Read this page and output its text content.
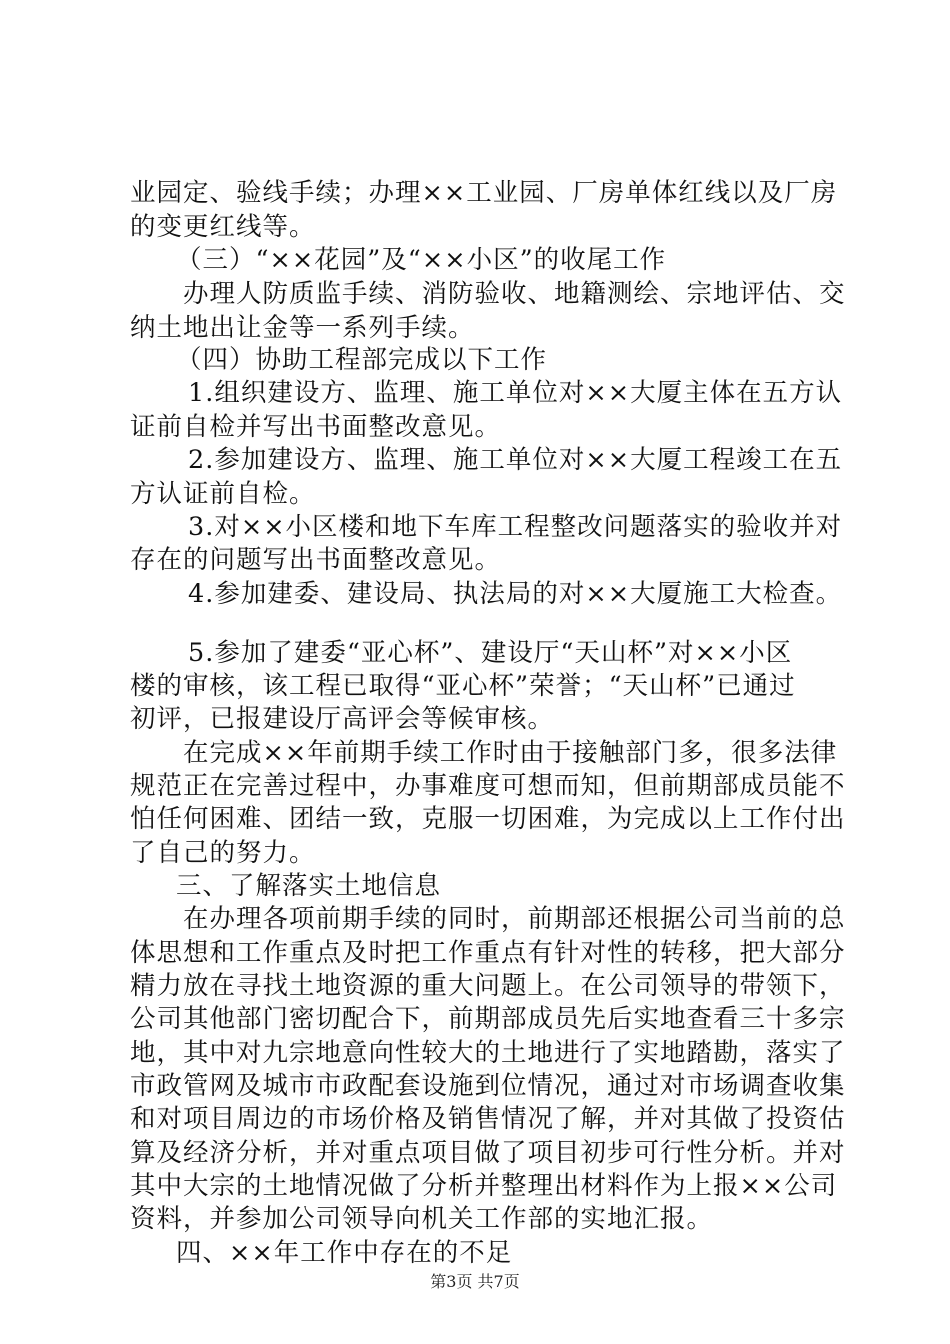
业园定、验线手续；办理××工业园、厂房单体红线以及厂房
的变更红线等。
（三）“××花园”及“××小区”的收尾工作
办理人防质监手续、消防验收、地籍测绘、宗地评估、交
纳土地出让金等一系列手续。
（四）协助工程部完成以下工作
1.组织建设方、监理、施工单位对××大厦主体在五方认
证前自检并写出书面整改意见。
2.参加建设方、监理、施工单位对××大厦工程竣工在五
方认证前自检。
3.对××小区楼和地下车库工程整改问题落实的验收并对
存在的问题写出书面整改意见。
4.参加建委、建设局、执法局的对××大厦施工大检查。
5.参加了建委“亚心杯”、建设厅“天山杯”对××小区
楼的审核，该工程已取得“亚心杯”荣誉；“天山杯”已通过
初评，已报建设厅高评会等候审核。
在完成××年前期手续工作时由于接触部门多，很多法律
规范正在完善过程中，办事难度可想而知，但前期部成员能不
怕任何困难、团结一致，克服一切困难，为完成以上工作付出
了自己的努力。
三、了解落实土地信息
在办理各项前期手续的同时，前期部还根据公司当前的总
体思想和工作重点及时把工作重点有针对性的转移，把大部分
精力放在寻找土地资源的重大问题上。在公司领导的带领下，
公司其他部门密切配合下，前期部成员先后实地查看三十多宗
地，其中对九宗地意向性较大的土地进行了实地踏勘，落实了
市政管网及城市市政配套设施到位情况，通过对市场调查收集
和对项目周边的市场价格及销售情况了解，并对其做了投资估
算及经济分析，并对重点项目做了项目初步可行性分析。并对
其中大宗的土地情况做了分析并整理出材料作为上报××公司
资料，并参加公司领导向机关工作部的实地汇报。
四、××年工作中存在的不足
第3页 共7页
